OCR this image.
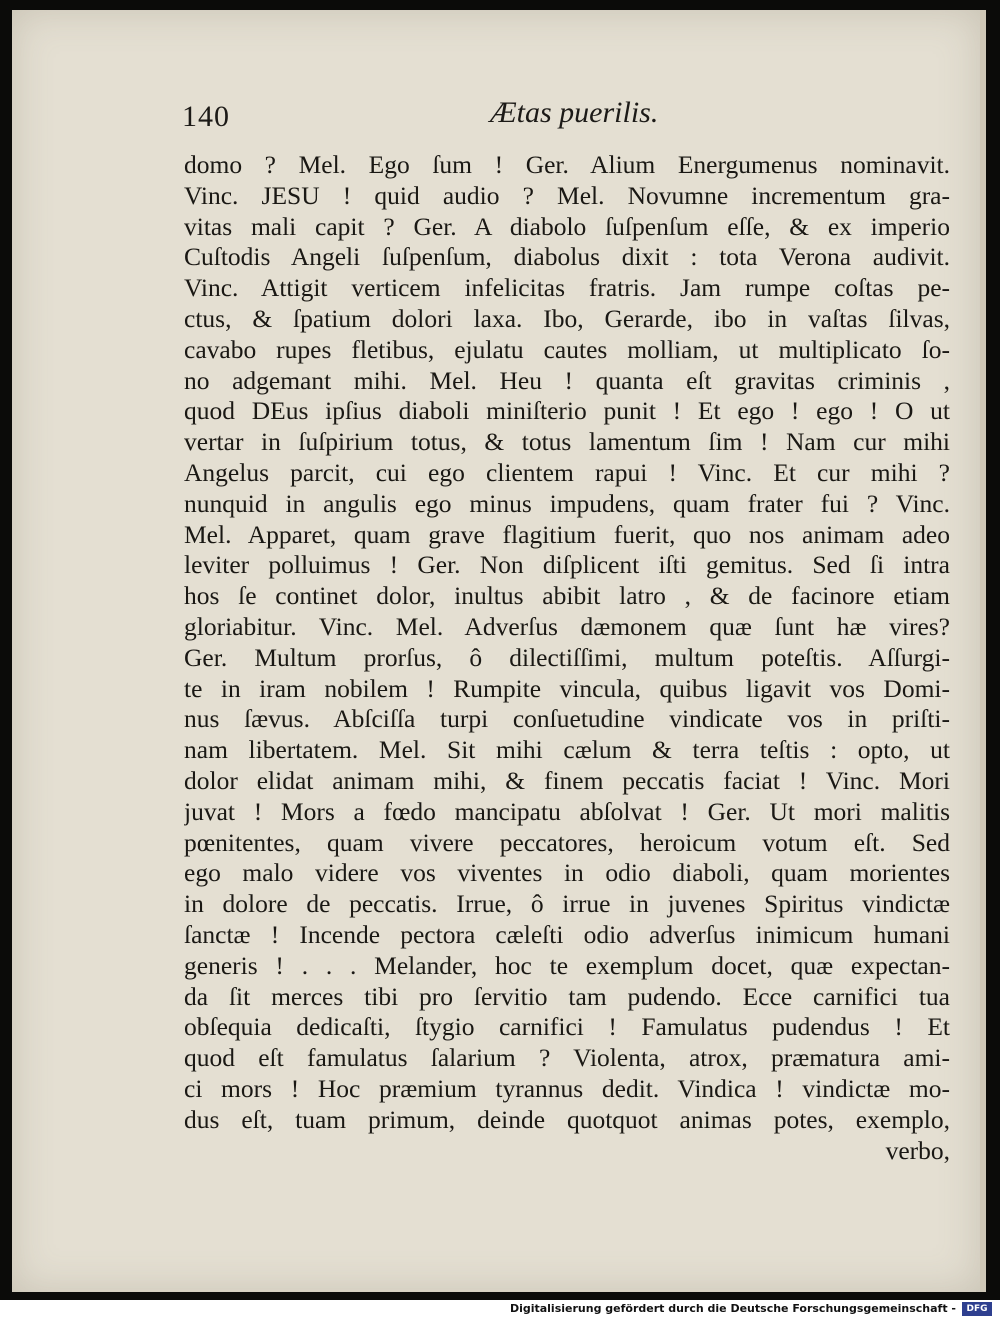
140	Ætas puerilis.
domo ? Mel. Ego ſum ! Ger. Alium Energumenus nominavit.
Vinc. JESU ! quid audio ? Mel. Novumne incrementum gra-
vitas mali capit ? Ger. A diabolo ſuſpenſum eſſe, & ex imperio
Cuſtodis Angeli ſuſpenſum, diabolus dixit : tota Verona audivit.
Vinc. Attigit verticem infelicitas fratris. Jam rumpe coſtas pe-
ctus, & ſpatium dolori laxa. Ibo, Gerarde, ibo in vaſtas ſilvas,
cavabo rupes fletibus, ejulatu cautes molliam, ut multiplicato ſo-
no adgemant mihi. Mel. Heu ! quanta eſt gravitas criminis ,
quod DEus ipſius diaboli miniſterio punit ! Et ego ! ego ! O ut
vertar in ſuſpirium totus, & totus lamentum ſim ! Nam cur mihi
Angelus parcit, cui ego clientem rapui ! Vinc. Et cur mihi ?
nunquid in angulis ego minus impudens, quam frater fui ? Vinc.
Mel. Apparet, quam grave flagitium fuerit, quo nos animam adeo
leviter polluimus ! Ger. Non diſplicent iſti gemitus. Sed ſi intra
hos ſe continet dolor, inultus abibit latro , & de facinore etiam
gloriabitur. Vinc. Mel. Adverſus dæmonem quæ ſunt hæ vires?
Ger. Multum prorſus, ô dilectiſſimi, multum poteſtis. Aſſurgi-
te in iram nobilem ! Rumpite vincula, quibus ligavit vos Domi-
nus ſævus. Abſciſſa turpi conſuetudine vindicate vos in priſti-
nam libertatem. Mel. Sit mihi cælum & terra teſtis : opto, ut
dolor elidat animam mihi, & finem peccatis faciat ! Vinc. Mori
juvat ! Mors a fœdo mancipatu abſolvat ! Ger. Ut mori malitis
pœnitentes, quam vivere peccatores, heroicum votum eſt. Sed
ego malo videre vos viventes in odio diaboli, quam morientes
in dolore de peccatis. Irrue, ô irrue in juvenes Spiritus vindictæ
ſanctæ ! Incende pectora cæleſti odio adverſus inimicum humani
generis ! . . . Melander, hoc te exemplum docet, quæ expectan-
da ſit merces tibi pro ſervitio tam pudendo. Ecce carnifici tua
obſequia dedicaſti, ſtygio carnifici ! Famulatus pudendus ! Et
quod eſt famulatus ſalarium ? Violenta, atrox, præmatura ami-
ci mors ! Hoc præmium tyrannus dedit. Vindica ! vindictæ mo-
dus eſt, tuam primum, deinde quotquot animas potes, exemplo,
verbo,
Digitalisierung gefördert durch die Deutsche Forschungsgemeinschaft -	DFG
